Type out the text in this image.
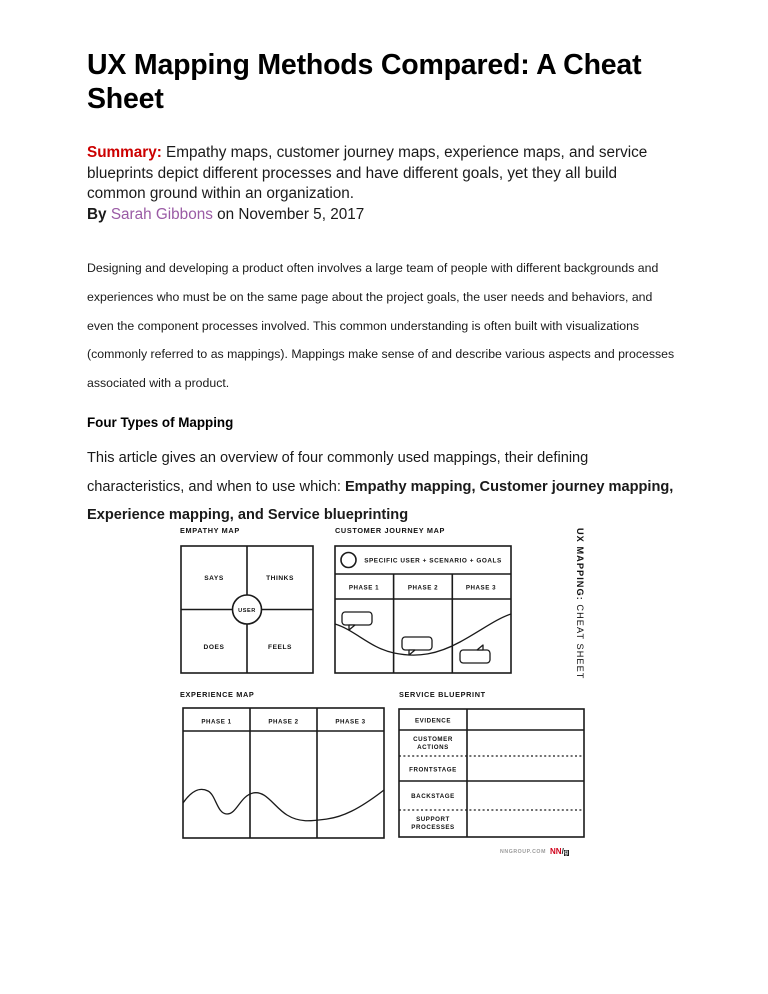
UX Mapping Methods Compared: A Cheat Sheet
Summary: Empathy maps, customer journey maps, experience maps, and service blueprints depict different processes and have different goals, yet they all build common ground within an organization.
By Sarah Gibbons on November 5, 2017

Designing and developing a product often involves a large team of people with different backgrounds and experiences who must be on the same page about the project goals, the user needs and behaviors, and even the component processes involved. This common understanding is often built with visualizations (commonly referred to as mappings). Mappings make sense of and describe various aspects and processes associated with a product.

Four Types of Mapping

This article gives an overview of four commonly used mappings, their defining characteristics, and when to use which: Empathy mapping, Customer journey mapping, Experience mapping, and Service blueprinting

EMPATHY MAP	CUSTOMER JOURNEY MAP
EXPERIENCE MAP	SERVICE BLUEPRINT
UX MAPPING: CHEAT SHEET
SAYS	THINKS
DOES	FEELS
USER
SPECIFIC USER + SCENARIO + GOALS
PHASE 1	PHASE 2	PHASE 3
PHASE 1	PHASE 2	PHASE 3	EVIDENCE
CUSTOMER
ACTIONS
FRONTSTAGE
BACKSTAGE
SUPPORT
PROCESSES
NNGROUP.COM NN / g
